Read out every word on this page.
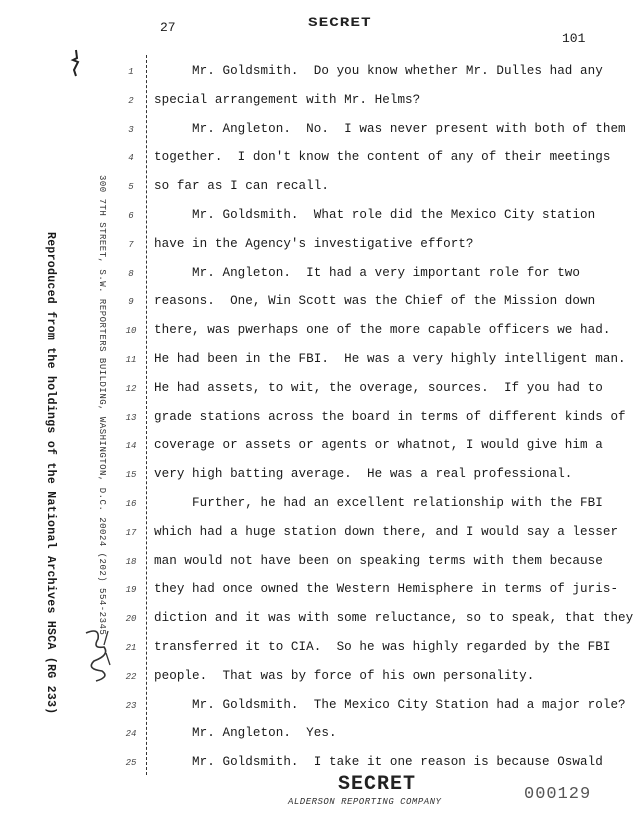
27	SECRET
101
Reproduced from the holdings of the National Archives HSCA (RG 233)	300 7TH STREET, S.W. REPORTERS BUILDING, WASHINGTON, D.C. 20024 (202) 554-2345
1	Mr. Goldsmith.  Do you know whether Mr. Dulles had any
2	special arrangement with Mr. Helms?
3	Mr. Angleton.  No.  I was never present with both of them
4	together.  I don't know the content of any of their meetings
5	so far as I can recall.
6	Mr. Goldsmith.  What role did the Mexico City station
7	have in the Agency's investigative effort?
8	Mr. Angleton.  It had a very important role for two
9	reasons.  One, Win Scott was the Chief of the Mission down
10 there, was pwerhaps one of the more capable officers we had.
11 He had been in the FBI.  He was a very highly intelligent man.
12 He had assets, to wit, the overage, sources.  If you had to
13 grade stations across the board in terms of different kinds of
14 coverage or assets or agents or whatnot, I would give him a
15 very high batting average.  He was a real professional.
16 Further, he had an excellent relationship with the FBI
17 which had a huge station down there, and I would say a lesser
18 man would not have been on speaking terms with them because
19 they had once owned the Western Hemisphere in terms of juris-
20 diction and it was with some reluctance, so to speak, that they
21 transferred it to CIA.  So he was highly regarded by the FBI
22 people.  That was by force of his own personality.
23 Mr. Goldsmith.  The Mexico City Station had a major role?
24 Mr. Angleton.  Yes.
25 Mr. Goldsmith.  I take it one reason is because Oswald
SECRET
ALDERSON REPORTING COMPANY	000129
